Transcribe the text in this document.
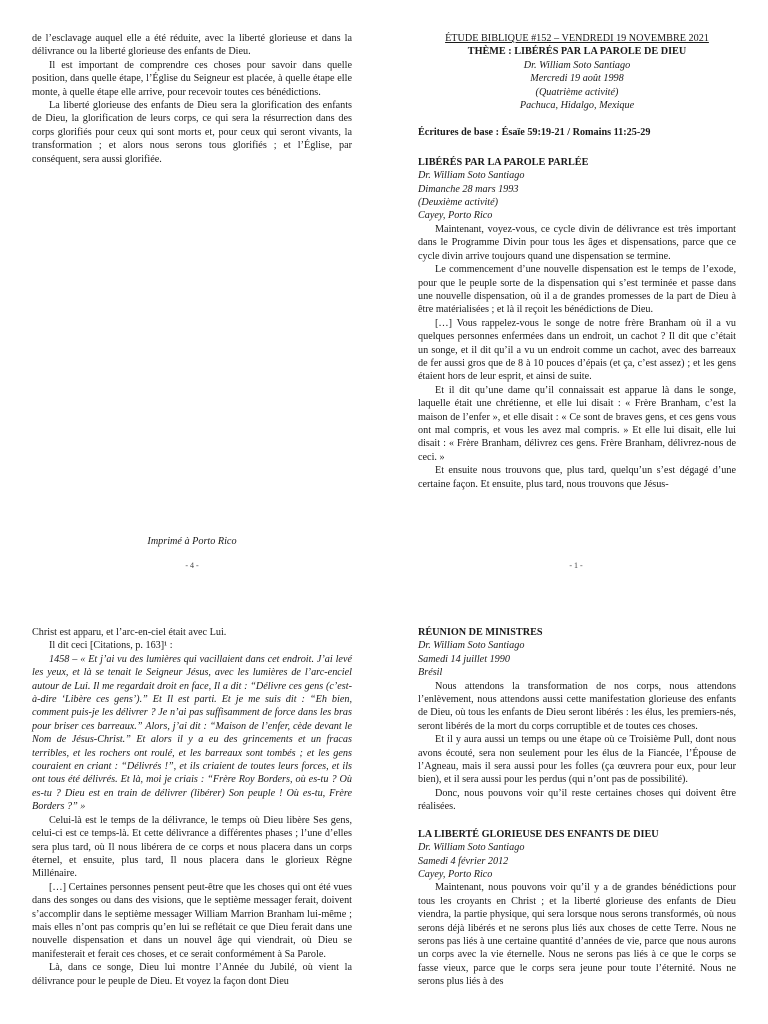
de l’esclavage auquel elle a été réduite, avec la liberté glorieuse et dans la délivrance ou la liberté glorieuse des enfants de Dieu.

Il est important de comprendre ces choses pour savoir dans quelle position, dans quelle étape, l’Église du Seigneur est placée, à quelle étape elle monte, à quelle étape elle arrive, pour recevoir toutes ces bénédictions.

La liberté glorieuse des enfants de Dieu sera la glorification des enfants de Dieu, la glorification de leurs corps, ce qui sera la résurrection dans des corps glorifiés pour ceux qui sont morts et, pour ceux qui seront vivants, la transformation ; et alors nous serons tous glorifiés ; et l’Église, par conséquent, sera aussi glorifiée.

Imprimé à Porto Rico
- 4 -
ÉTUDE BIBLIQUE #152 – VENDREDI 19 NOVEMBRE 2021
THÈME : LIBÉRÉS PAR LA PAROLE DE DIEU
Dr. William Soto Santiago
Mercredi 19 août 1998
(Quatrième activité)
Pachuca, Hidalgo, Mexique
Écritures de base : Ésaïe 59:19-21 / Romains 11:25-29
LIBÉRÉS PAR LA PAROLE PARLÉE
Dr. William Soto Santiago
Dimanche 28 mars 1993
(Deuxième activité)
Cayey, Porto Rico

Maintenant, voyez-vous, ce cycle divin de délivrance est très important dans le Programme Divin pour tous les âges et dispensations, parce que ce cycle divin arrive toujours quand une dispensation se termine.

Le commencement d’une nouvelle dispensation est le temps de l’exode, pour que le peuple sorte de la dispensation qui s’est terminée et passe dans une nouvelle dispensation, où il a de grandes promesses de la part de Dieu à être matérialisées ; et là il reçoit les bénédictions de Dieu.

[…] Vous rappelez-vous le songe de notre frère Branham où il a vu quelques personnes enfermées dans un endroit, un cachot ? Il dit que c’était un songe, et il dit qu’il a vu un endroit comme un cachot, avec des barreaux de fer aussi gros que de 8 à 10 pouces d’épais (et ça, c’est assez) ; et les gens étaient hors de leur esprit, et ainsi de suite.

Et il dit qu’une dame qu’il connaissait est apparue là dans le songe, laquelle était une chrétienne, et elle lui disait : « Frère Branham, c’est la maison de l’enfer », et elle disait : « Ce sont de braves gens, et ces gens vous ont mal compris, et vous les avez mal compris. » Et elle lui disait, elle lui disait : « Frère Branham, délivrez ces gens. Frère Branham, délivrez-nous de ceci. »

Et ensuite nous trouvons que, plus tard, quelqu’un s’est dégagé d’une certaine façon. Et ensuite, plus tard, nous trouvons que Jésus-

- 1 -

Christ est apparu, et l’arc-en-ciel était avec Lui.

Il dit ceci [Citations, p. 163]¹ :

1458 – « Et j’ai vu des lumières qui vacillaient dans cet endroit. J’ai levé les yeux, et là se tenait le Seigneur Jésus, avec les lumières de l’arc-enciel autour de Lui. Il me regardait droit en face, Il a dit : “Délivre ces gens (c’est-à-dire ‘Libère ces gens’).” Et Il est parti. Et je me suis dit : “Eh bien, comment puis-je les délivrer ? Je n’ai pas suffisamment de force dans les bras pour briser ces barreaux.” Alors, j’ai dit : “Maison de l’enfer, cède devant le Nom de Jésus-Christ.” Et alors il y a eu des grincements et un fracas terribles, et les rochers ont roulé, et les barreaux sont tombés ; et les gens couraient en criant : “Délivrés !”, et ils criaient de toutes leurs forces, et ils ont tous été délivrés. Et là, moi je criais : “Frère Roy Borders, où es-tu ? Où es-tu ? Dieu est en train de délivrer (libérer) Son peuple ! Où es-tu, Frère Borders ?” »

Celui-là est le temps de la délivrance, le temps où Dieu libère Ses gens, celui-ci est ce temps-là. Et cette délivrance a différentes phases ; l’une d’elles sera plus tard, où Il nous libérera de ce corps et nous placera dans un corps éternel, et ensuite, plus tard, Il nous placera dans le glorieux Règne Millénaire.

[…] Certaines personnes pensent peut-être que les choses qui ont été vues dans des songes ou dans des visions, que le septième messager ferait, doivent s’accomplir dans le septième messager William Marrion Branham lui-même ; mais elles n’ont pas compris qu’en lui se reflétait ce que Dieu ferait dans une nouvelle dispensation et dans un nouvel âge qui viendrait, où Dieu se manifesterait et ferait ces choses, et ce serait conformément à Sa Parole.

Là, dans ce songe, Dieu lui montre l’Année du Jubilé, où vient la délivrance pour le peuple de Dieu. Et voyez la façon dont Dieu

RÉUNION DE MINISTRES
Dr. William Soto Santiago
Samedi 14 juillet 1990
Brésil

Nous attendons la transformation de nos corps, nous attendons l’enlèvement, nous attendons aussi cette manifestation glorieuse des enfants de Dieu, où tous les enfants de Dieu seront libérés : les élus, les premiers-nés, seront libérés de la mort du corps corruptible et de toutes ces choses.

Et il y aura aussi un temps ou une étape où ce Troisième Pull, dont nous avons écouté, sera non seulement pour les élus de la Fiancée, l’Épouse de l’Agneau, mais il sera aussi pour les folles (ça œuvrera pour eux, pour leur bien), et il sera aussi pour les perdus (qui n’ont pas de possibilité).

Donc, nous pouvons voir qu’il reste certaines choses qui doivent être réalisées.

LA LIBERTÉ GLORIEUSE DES ENFANTS DE DIEU
Dr. William Soto Santiago
Samedi 4 février 2012
Cayey, Porto Rico

Maintenant, nous pouvons voir qu’il y a de grandes bénédictions pour tous les croyants en Christ ; et la liberté glorieuse des enfants de Dieu viendra, la partie physique, qui sera lorsque nous serons transformés, où nous serons déjà libérés et ne serons plus liés aux choses de cette Terre. Nous ne serons pas liés à une certaine quantité d’années de vie, parce que nous aurons un corps avec la vie éternelle. Nous ne serons pas liés à ce que le corps se fasse vieux, parce que le corps sera jeune pour toute l’éternité. Nous ne serons plus liés à des
